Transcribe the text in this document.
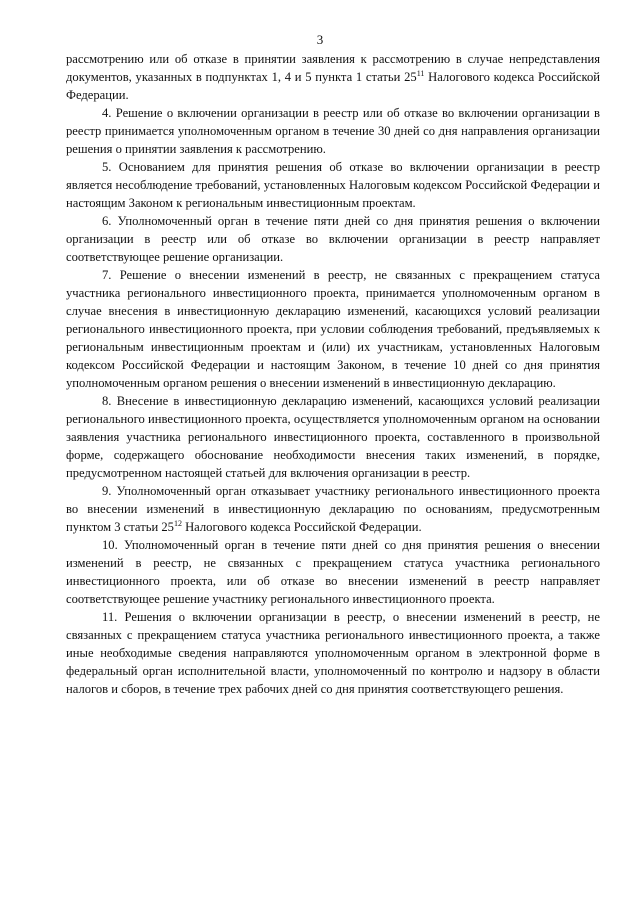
3

рассмотрению или об отказе в принятии заявления к рассмотрению в случае непредставления документов, указанных в подпунктах 1, 4 и 5 пункта 1 статьи $25^{11}$ Налогового кодекса Российской Федерации.

4. Решение о включении организации в реестр или об отказе во включении организации в реестр принимается уполномоченным органом в течение 30 дней со дня направления организации решения о принятии заявления к рассмотрению.

5. Основанием для принятия решения об отказе во включении организации в реестр является несоблюдение требований, установленных Налоговым кодексом Российской Федерации и настоящим Законом к региональным инвестиционным проектам.

6. Уполномоченный орган в течение пяти дней со дня принятия решения о включении организации в реестр или об отказе во включении организации в реестр направляет соответствующее решение организации.

7. Решение о внесении изменений в реестр, не связанных с прекращением статуса участника регионального инвестиционного проекта, принимается уполномоченным органом в случае внесения в инвестиционную декларацию изменений, касающихся условий реализации регионального инвестиционного проекта, при условии соблюдения требований, предъявляемых к региональным инвестиционным проектам и (или) их участникам, установленных Налоговым кодексом Российской Федерации и настоящим Законом, в течение 10 дней со дня принятия уполномоченным органом решения о внесении изменений в инвестиционную декларацию.

8. Внесение в инвестиционную декларацию изменений, касающихся условий реализации регионального инвестиционного проекта, осуществляется уполномоченным органом на основании заявления участника регионального инвестиционного проекта, составленного в произвольной форме, содержащего обоснование необходимости внесения таких изменений, в порядке, предусмотренном настоящей статьей для включения организации в реестр.

9. Уполномоченный орган отказывает участнику регионального инвестиционного проекта во внесении изменений в инвестиционную декларацию по основаниям, предусмотренным пунктом 3 статьи $25^{12}$ Налогового кодекса Российской Федерации.

10. Уполномоченный орган в течение пяти дней со дня принятия решения о внесении изменений в реестр, не связанных с прекращением статуса участника регионального инвестиционного проекта, или об отказе во внесении изменений в реестр направляет соответствующее решение участнику регионального инвестиционного проекта.

11. Решения о включении организации в реестр, о внесении изменений в реестр, не связанных с прекращением статуса участника регионального инвестиционного проекта, а также иные необходимые сведения направляются уполномоченным органом в электронной форме в федеральный орган исполнительной власти, уполномоченный по контролю и надзору в области налогов и сборов, в течение трех рабочих дней со дня принятия соответствующего решения.
